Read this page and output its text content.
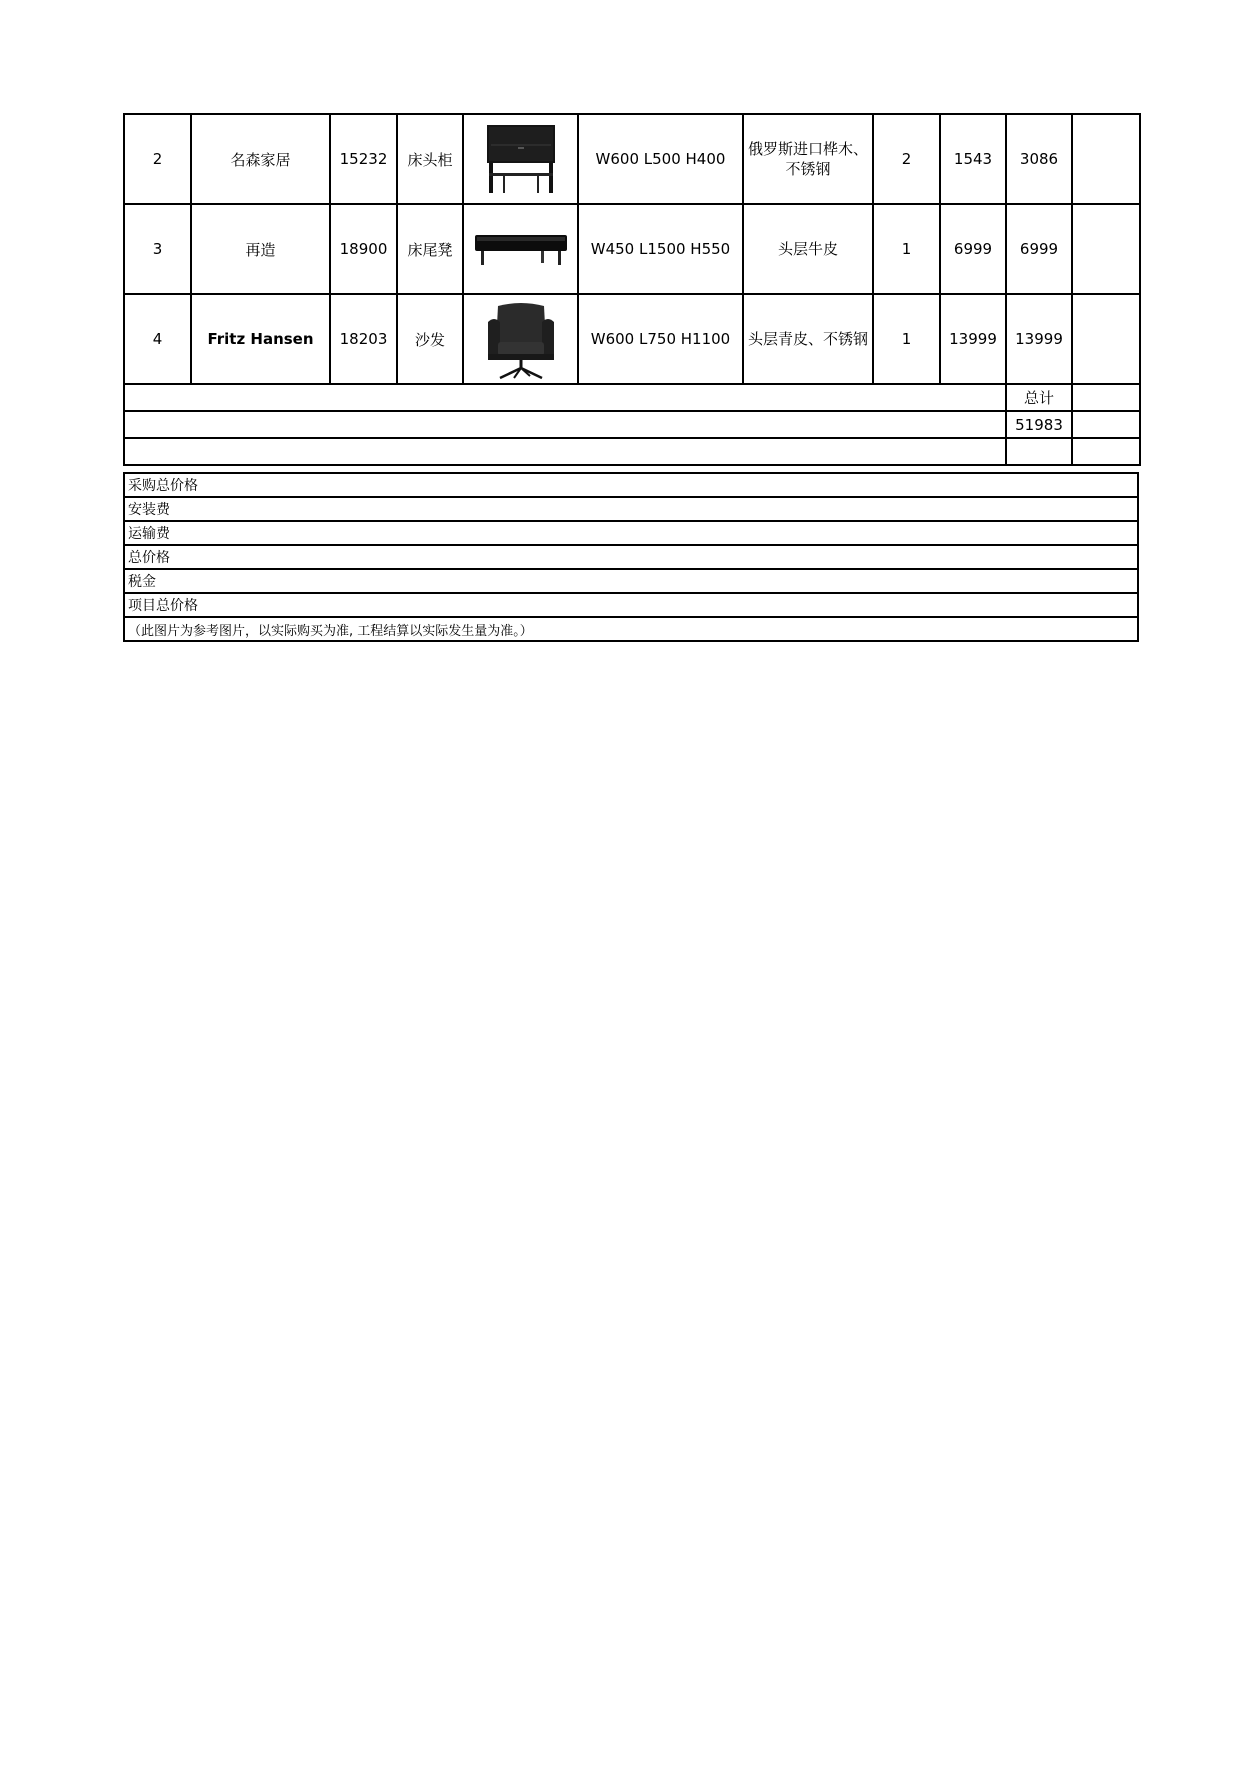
2	名森家居	15232	床头柜		W600 L500 H400	俄罗斯进口桦木、不锈钢	2	1543	3086	
3	再造	18900	床尾凳		W450 L1500 H550	头层牛皮	1	6999	6999	
4	Fritz Hansen	18203	沙发		W600 L750 H1100	头层青皮、不锈钢	1	13999	13999	
									总计	
									51983	

采购总价格
安装费
运输费
总价格
税金
项目总价格
（此图片为参考图片，以实际购买为准, 工程结算以实际发生量为准。）
